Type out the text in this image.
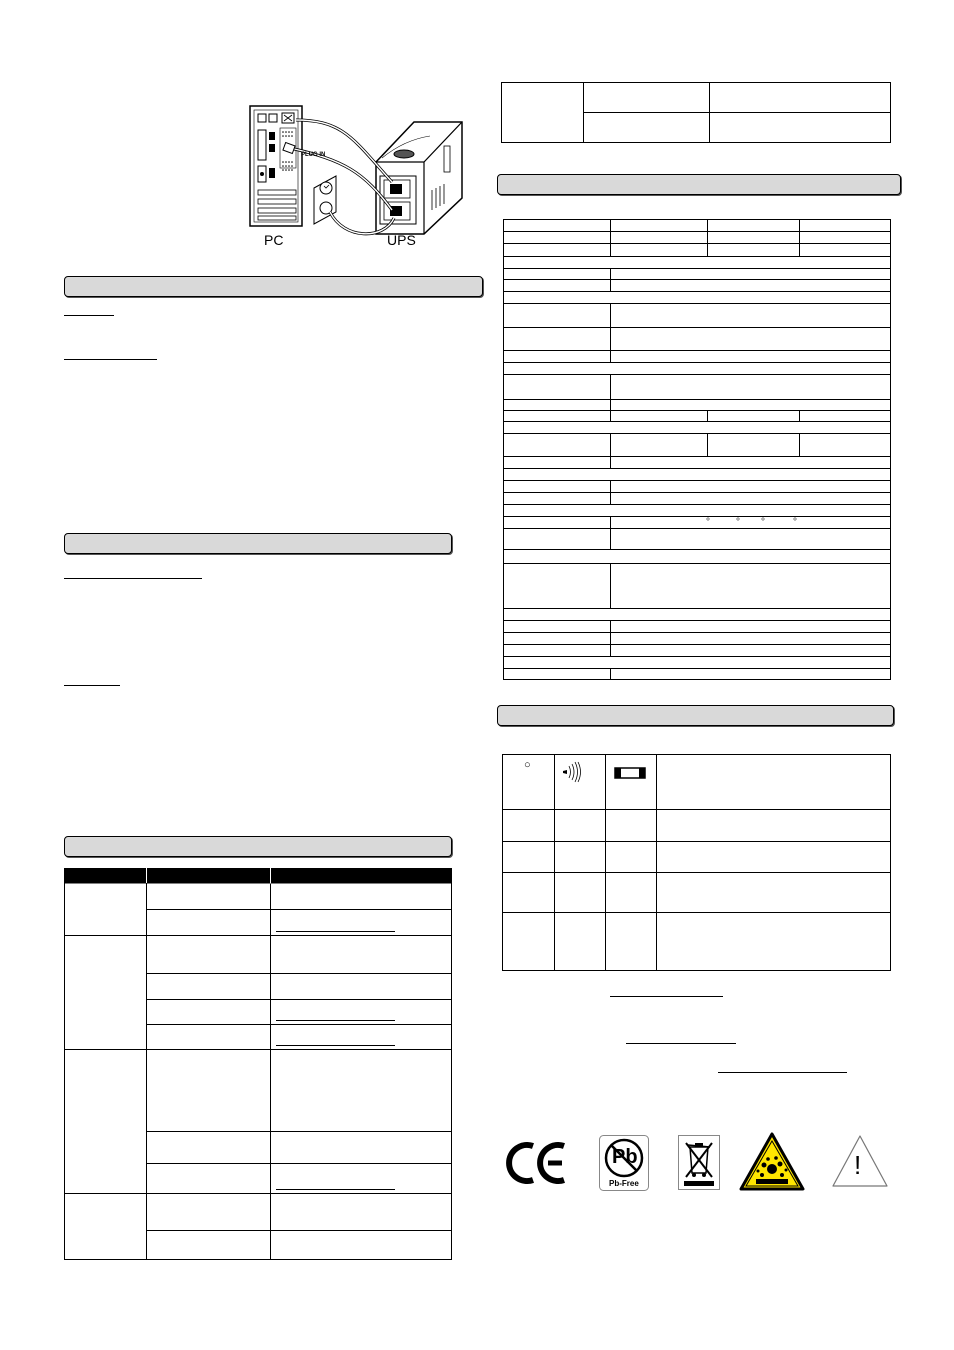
PLUG IN
PC	UPS
○
Pb
Pb-Free
!
